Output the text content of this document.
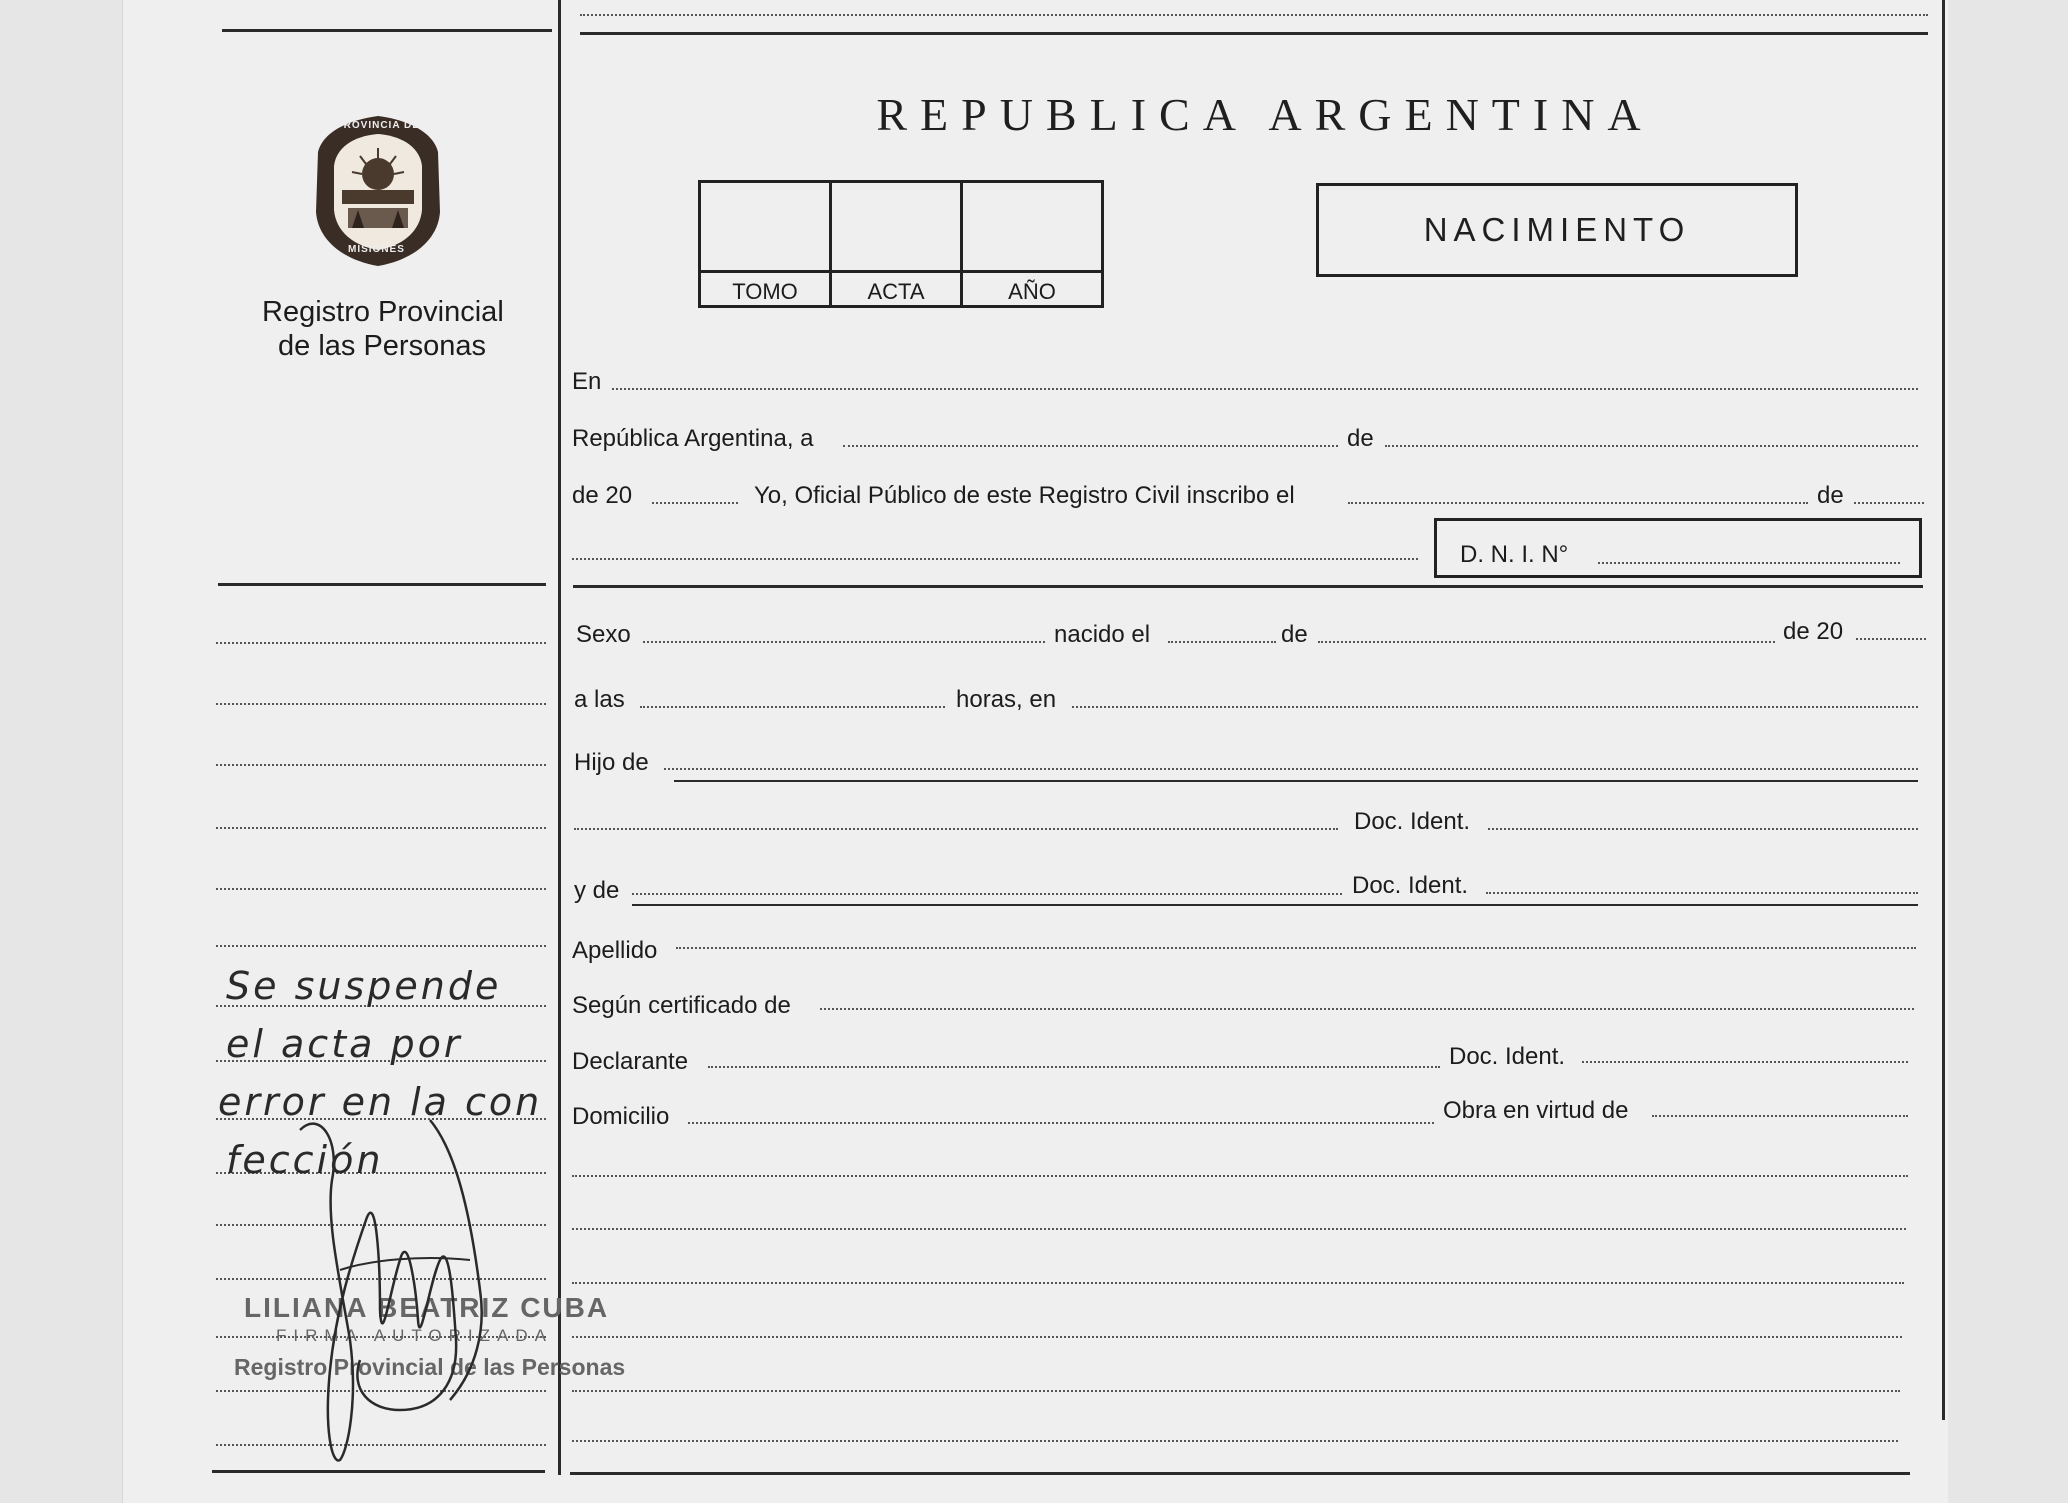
PROVINCIA DE
MISIONES
Registro Provincial
de las Personas
REPUBLICA ARGENTINA
TOMO	ACTA	AÑO
NACIMIENTO
En
República Argentina, a	de
de 20	Yo, Oficial Público de este Registro Civil inscribo el	de
D. N. I. N°
Sexo	nacido el	de	de 20
a las	horas, en
Hijo de
Doc. Ident.
y de	Doc. Ident.
Apellido
Según certificado de
Declarante	Doc. Ident.
Domicilio	Obra en virtud de
Se suspende
el acta por
error en la con
fección
LILIANA BEATRIZ CUBA
FIRMA AUTORIZADA
Registro Provincial de las Personas
